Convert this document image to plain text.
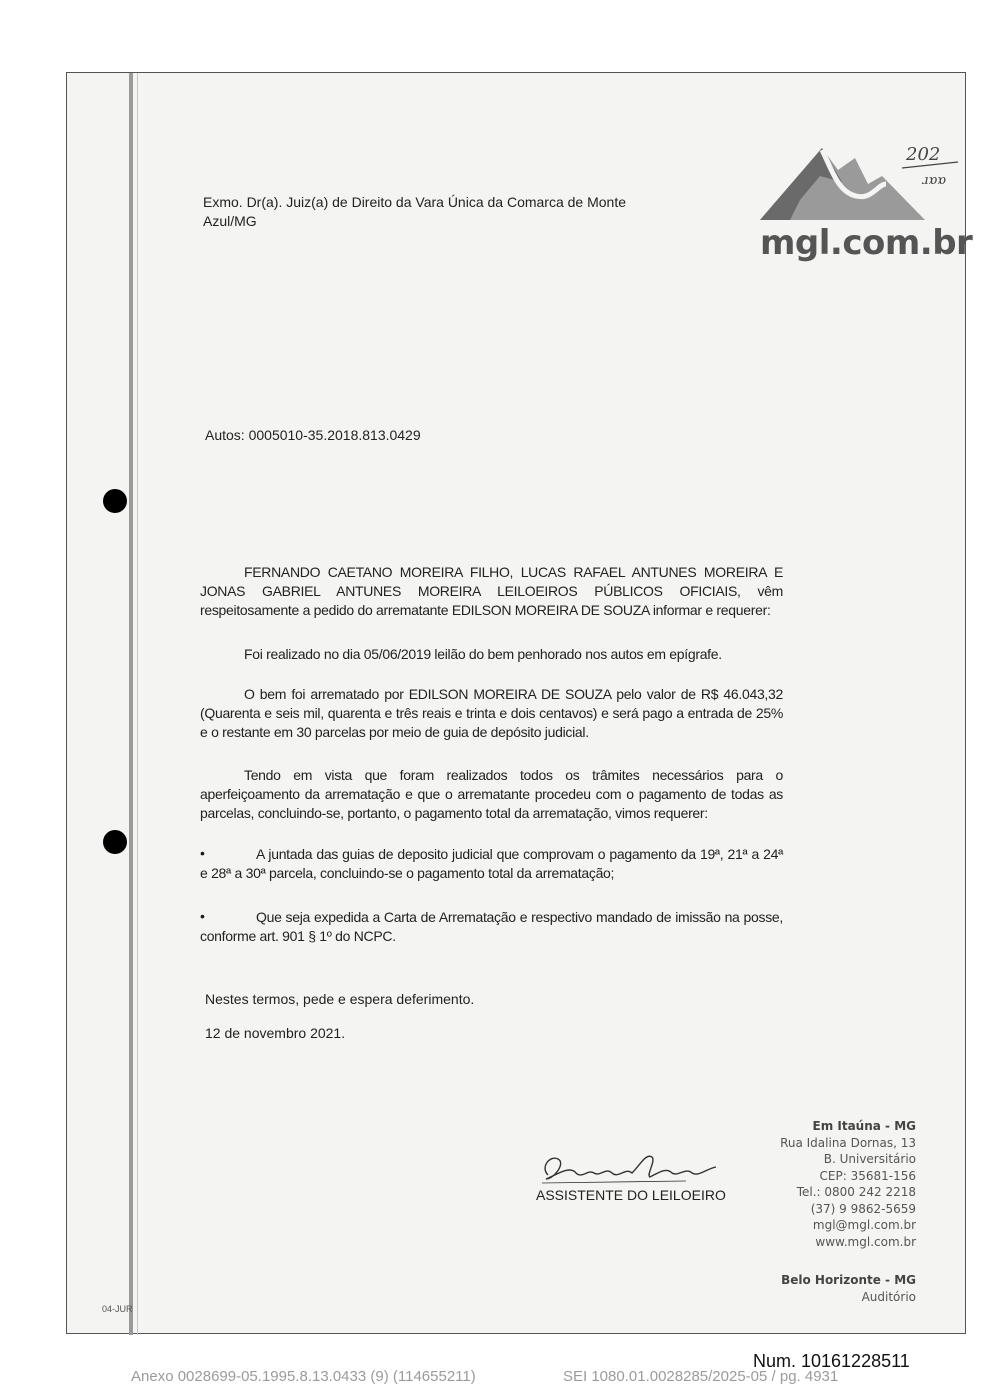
mgl.com.br
202
ɹɒɒ
Exmo. Dr(a). Juiz(a) de Direito da Vara Única da Comarca de Monte
Azul/MG
Autos: 0005010-35.2018.813.0429
FERNANDO CAETANO MOREIRA FILHO, LUCAS RAFAEL ANTUNES MOREIRA E JONAS GABRIEL ANTUNES MOREIRA LEILOEIROS PÚBLICOS OFICIAIS, vêm respeitosamente a pedido do arrematante EDILSON MOREIRA DE SOUZA informar e requerer:
Foi realizado no dia 05/06/2019 leilão do bem penhorado nos autos em epígrafe.
O bem foi arrematado por EDILSON MOREIRA DE SOUZA pelo valor de R$ 46.043,32 (Quarenta e seis mil, quarenta e três reais e trinta e dois centavos) e será pago a entrada de 25% e o restante em 30 parcelas por meio de guia de depósito judicial.
Tendo em vista que foram realizados todos os trâmites necessários para o aperfeiçoamento da arrematação e que o arrematante procedeu com o pagamento de todas as parcelas, concluindo-se, portanto, o pagamento total da arrematação, vimos requerer:
•	A juntada das guias de deposito judicial que comprovam o pagamento da 19ª, 21ª a 24ª e 28ª a 30ª parcela, concluindo-se o pagamento total da arrematação;
•	Que seja expedida a Carta de Arrematação e respectivo mandado de imissão na posse, conforme art. 901 § 1º do NCPC.
Nestes termos, pede e espera deferimento.
12 de novembro 2021.
ASSISTENTE DO LEILOEIRO
Em Itaúna - MG
Rua Idalina Dornas, 13
B. Universitário
CEP: 35681-156
Tel.: 0800 242 2218
(37) 9 9862-5659
mgl@mgl.com.br
www.mgl.com.br
Belo Horizonte - MG
Auditório
04-JUR
Num. 10161228511
Anexo 0028699-05.1995.8.13.0433 (9) (114655211)	SEI 1080.01.0028285/2025-05 / pg. 4931
